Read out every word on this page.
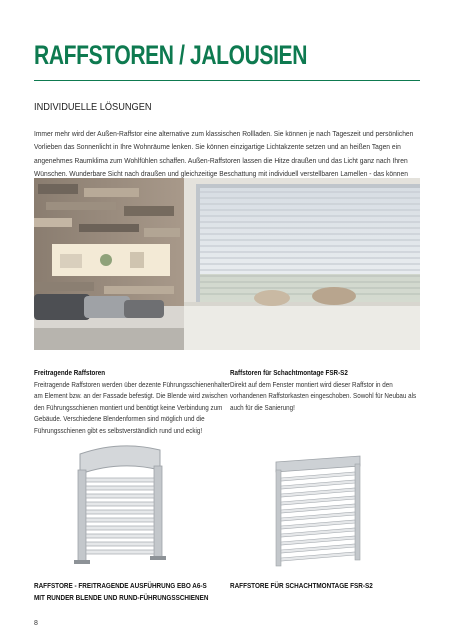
RAFFSTOREN / JALOUSIEN
INDIVIDUELLE LÖSUNGEN
Immer mehr wird der Außen-Raffstor eine alternative zum klassischen Rollladen. Sie können je nach Tageszeit und persönlichen Vorlieben das Sonnenlicht in Ihre Wohnräume lenken. Sie können einzigartige Lichtakzente setzen und an heißen Tagen ein angenehmes Raumklima zum Wohlfühlen schaffen. Außen-Raffstoren lassen die Hitze draußen und das Licht ganz nach Ihren Wünschen. Wunderbare Sicht nach draußen und gleichzeitige Beschattung mit individuell verstellbaren Lamellen - das können
Freitragende Raffstoren

Freitragende Raffstoren werden über dezente Führungsschienenhalter am Element bzw. an der Fassade befestigt. Die Blende wird zwischen den Führungsschienen montiert und benötigt keine Verbindung zum Gebäude. Verschiedene Blendenformen sind möglich und die Führungsschienen gibt es selbstverständlich rund und eckig!

Raffstoren für Schachtmontage FSR-S2

Direkt auf dem Fenster montiert wird dieser Raffstor in den vorhandenen Raffstorkasten eingeschoben. Sowohl für Neubau als auch für die Sanierung!

RAFFSTORE - FREITRAGENDE AUSFÜHRUNG EBO A6-S
MIT RUNDER BLENDE UND RUND-FÜHRUNGSSCHIENEN
RAFFSTORE FÜR SCHACHTMONTAGE FSR-S2
8
